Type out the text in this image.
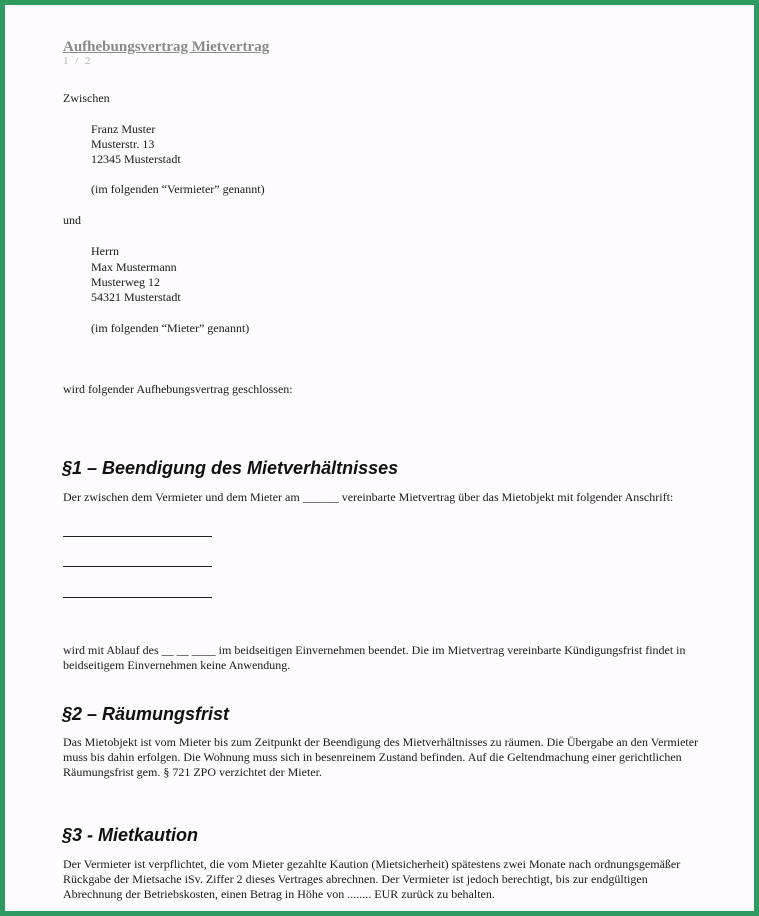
Aufhebungsvertrag Mietvertrag
1 / 2
Zwischen
Franz Muster
Musterstr. 13
12345 Musterstadt
(im folgenden “Vermieter” genannt)
und
Herrn
Max Mustermann
Musterweg 12
54321 Musterstadt
(im folgenden “Mieter” genannt)
wird folgender Aufhebungsvertrag geschlossen:
§1 – Beendigung des Mietverhältnisses

Der zwischen dem Vermieter und dem Mieter am ______ vereinbarte Mietvertrag über das Mietobjekt mit folgender Anschrift:

wird mit Ablauf des __ __ ____ im beidseitigen Einvernehmen beendet. Die im Mietvertrag vereinbarte Kündigungsfrist findet in beidseitigem Einvernehmen keine Anwendung.

§2 – Räumungsfrist

Das Mietobjekt ist vom Mieter bis zum Zeitpunkt der Beendigung des Mietverhältnisses zu räumen. Die Übergabe an den Vermieter muss bis dahin erfolgen. Die Wohnung muss sich in besenreinem Zustand befinden. Auf die Geltendmachung einer gerichtlichen Räumungsfrist gem. § 721 ZPO verzichtet der Mieter.

§3 - Mietkaution

Der Vermieter ist verpflichtet, die vom Mieter gezahlte Kaution (Mietsicherheit) spätestens zwei Monate nach ordnungsgemäßer Rückgabe der Mietsache iSv. Ziffer 2 dieses Vertrages abrechnen. Der Vermieter ist jedoch berechtigt, bis zur endgültigen Abrechnung der Betriebskosten, einen Betrag in Höhe von ........ EUR zurück zu behalten.
